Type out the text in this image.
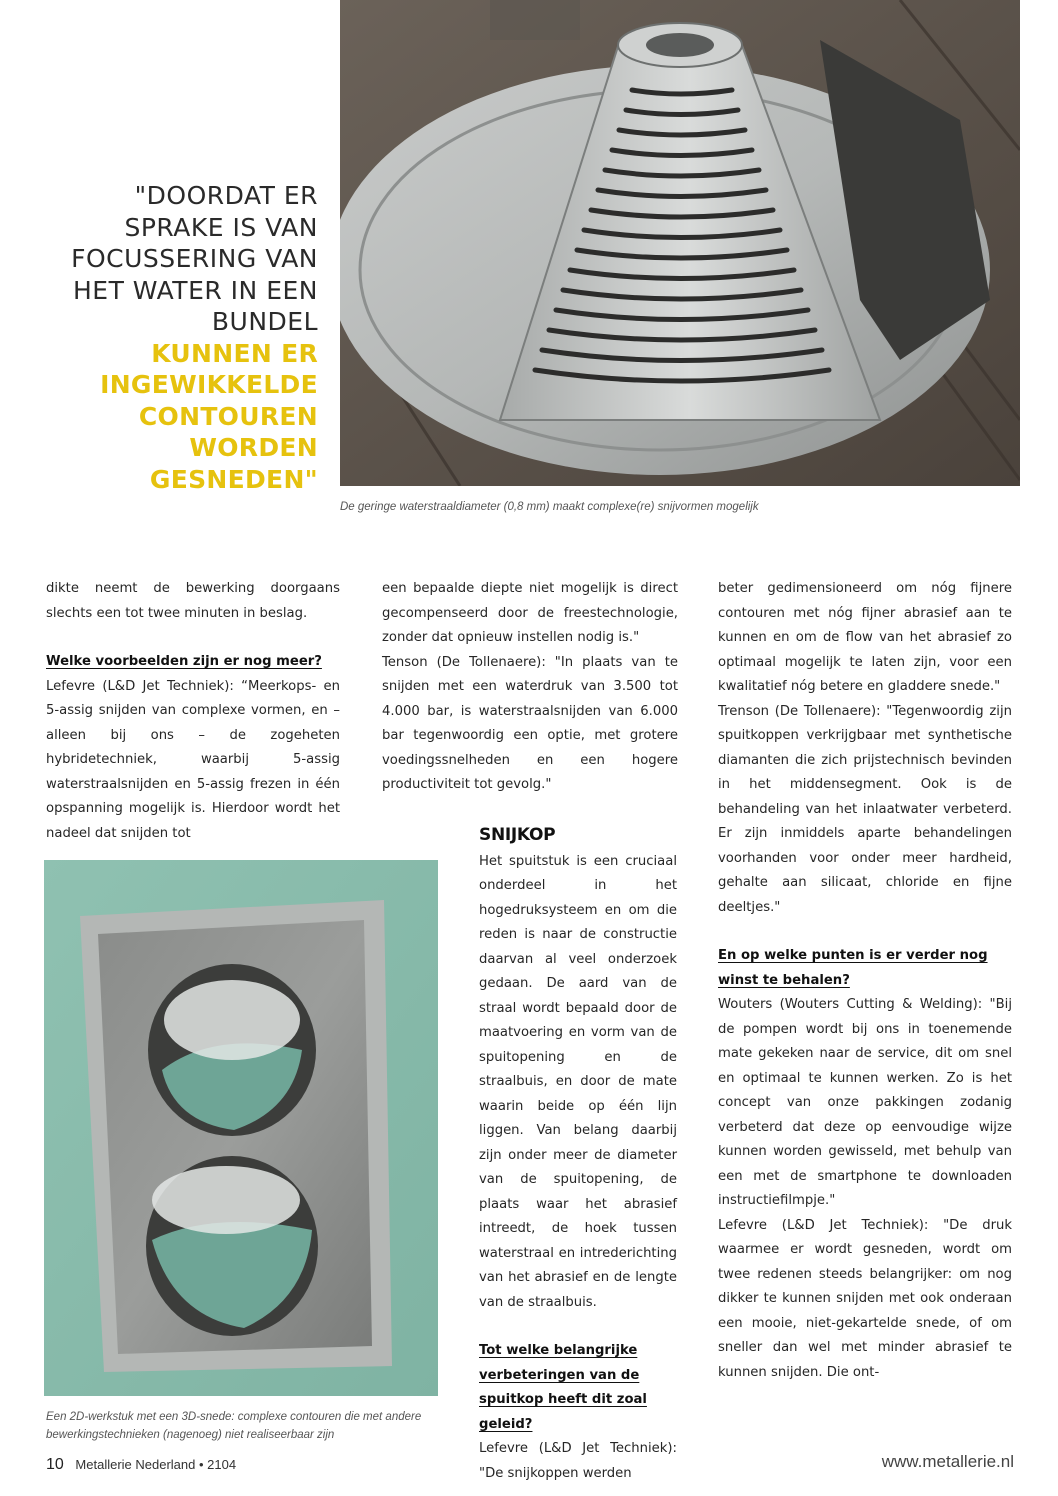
"DOORDAT ER SPRAKE IS VAN FOCUSSERING VAN HET WATER IN EEN BUNDEL
KUNNEN ER INGEWIKKELDE CONTOUREN WORDEN GESNEDEN"
De geringe waterstraaldiameter (0,8 mm) maakt complexe(re) snijvormen mogelijk

dikte neemt de bewerking doorgaans slechts een tot twee minuten in beslag.

Welke voorbeelden zijn er nog meer?

Lefevre (L&D Jet Techniek): “Meerkops- en 5-assig snijden van complexe vormen, en – alleen bij ons – de zogeheten hybridetechniek, waarbij 5-assig waterstraalsnijden en 5-assig frezen in één opspanning mogelijk is. Hierdoor wordt het nadeel dat snijden tot

Een 2D-werkstuk met een 3D-snede: complexe contouren die met andere bewerkingstechnieken (nagenoeg) niet realiseerbaar zijn

een bepaalde diepte niet mogelijk is direct gecompenseerd door de freestechnologie, zonder dat opnieuw instellen nodig is."

Tenson (De Tollenaere): "In plaats van te snijden met een waterdruk van 3.500 tot 4.000 bar, is waterstraalsnijden van 6.000 bar tegenwoordig een optie, met grotere voedingssnelheden en een hogere productiviteit tot gevolg."

SNIJKOP

Het spuitstuk is een cruciaal onderdeel in het hogedruksysteem en om die reden is naar de constructie daarvan al veel onderzoek gedaan. De aard van de straal wordt bepaald door de maatvoering en vorm van de spuitopening en de straalbuis, en door de mate waarin beide op één lijn liggen. Van belang daarbij zijn onder meer de diameter van de spuitopening, de plaats waar het abrasief intreedt, de hoek tussen waterstraal en intrederichting van het abrasief en de lengte van de straalbuis.

Tot welke belangrijke verbeteringen van de spuitkop heeft dit zoal geleid?

Lefevre (L&D Jet Techniek): "De snijkoppen werden

beter gedimensioneerd om nóg fijnere contouren met nóg fijner abrasief aan te kunnen en om de flow van het abrasief zo optimaal mogelijk te laten zijn, voor een kwalitatief nóg betere en gladdere snede."

Trenson (De Tollenaere): "Tegenwoordig zijn spuitkoppen verkrijgbaar met synthetische diamanten die zich prijstechnisch bevinden in het middensegment. Ook is de behandeling van het inlaatwater verbeterd. Er zijn inmiddels aparte behandelingen voorhanden voor onder meer hardheid, gehalte aan silicaat, chloride en fijne deeltjes."

En op welke punten is er verder nog winst te behalen?

Wouters (Wouters Cutting & Welding): "Bij de pompen wordt bij ons in toenemende mate gekeken naar de service, dit om snel en optimaal te kunnen werken. Zo is het concept van onze pakkingen zodanig verbeterd dat deze op eenvoudige wijze kunnen worden gewisseld, met behulp van een met de smartphone te downloaden instructiefilmpje."

Lefevre (L&D Jet Techniek): "De druk waarmee er wordt gesneden, wordt om twee redenen steeds belangrijker: om nog dikker te kunnen snijden met ook onderaan een mooie, niet-gekartelde snede, of om sneller dan wel met minder abrasief te kunnen snijden. Die ont-

10 Metallerie Nederland • 2104	www.metallerie.nl
